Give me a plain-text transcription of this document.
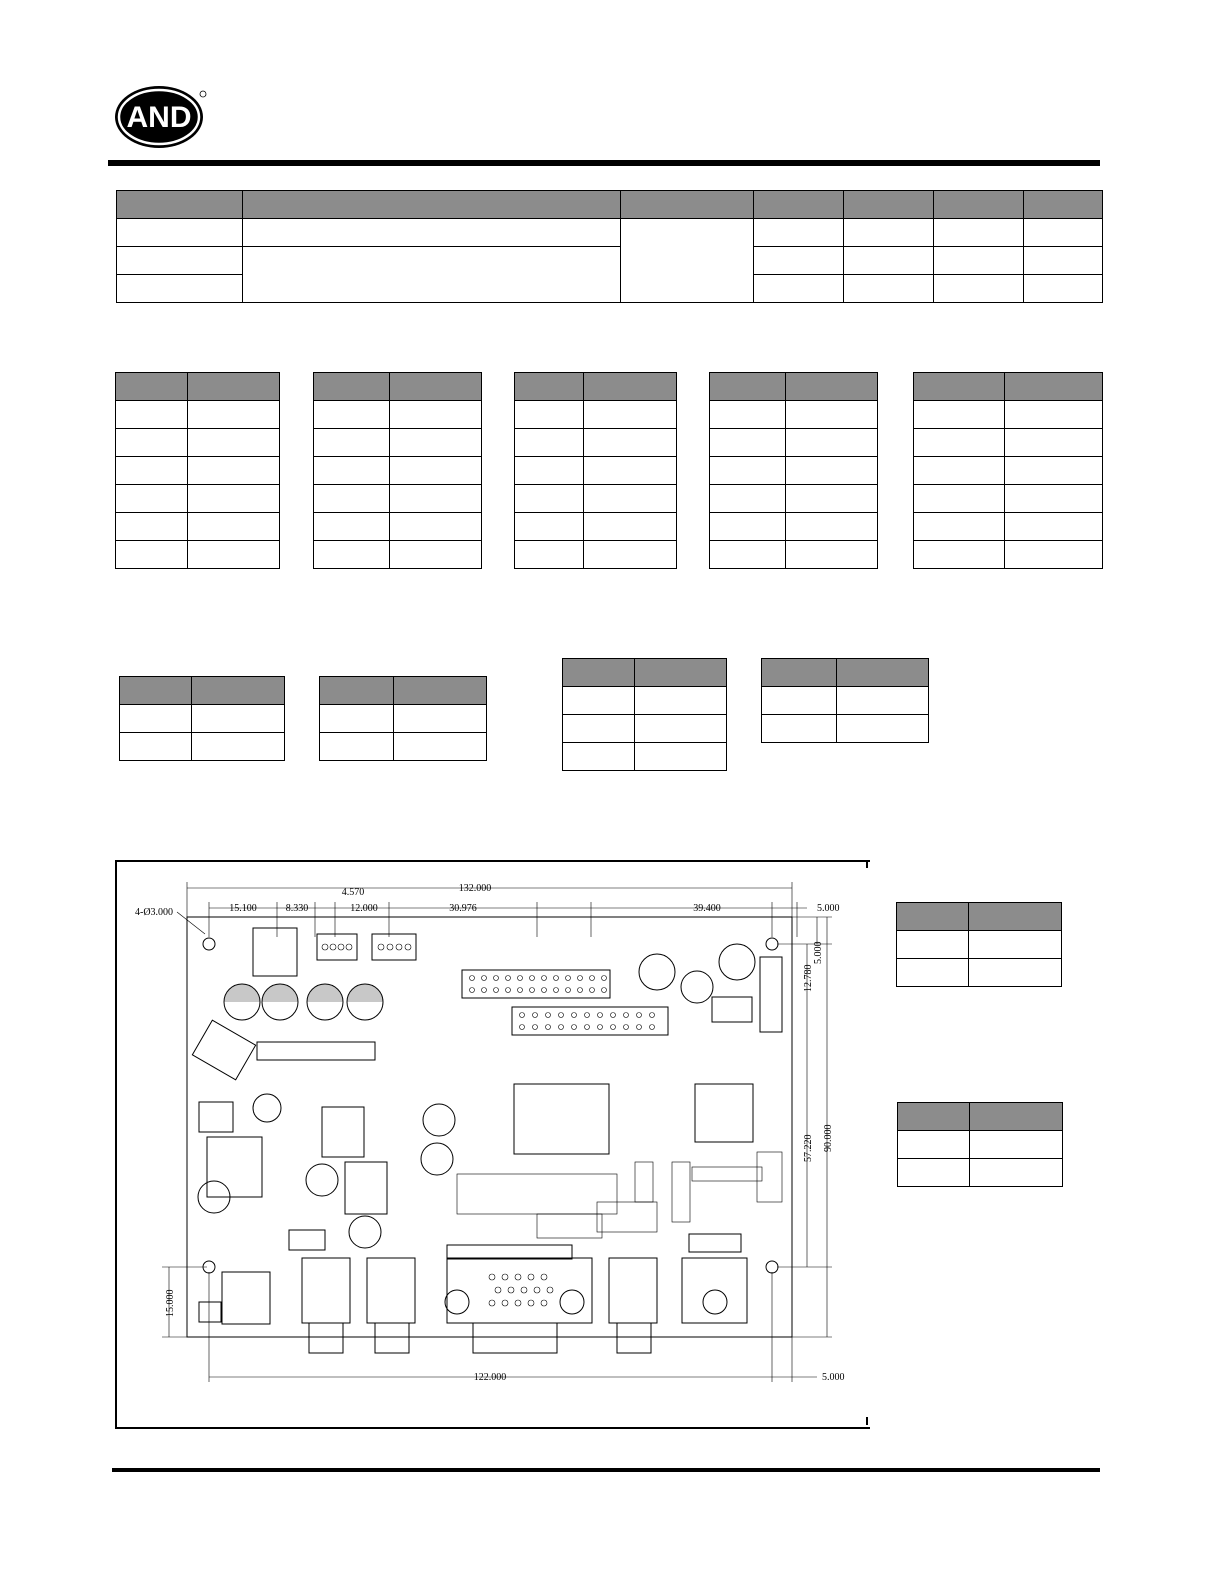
AND

132.000
15.100	8.330
4.570
12.000	30.976	39.400	5.000
4-Ø3.000
122.000	5.000
15.000
12.780
5.000
57.220 90.000
